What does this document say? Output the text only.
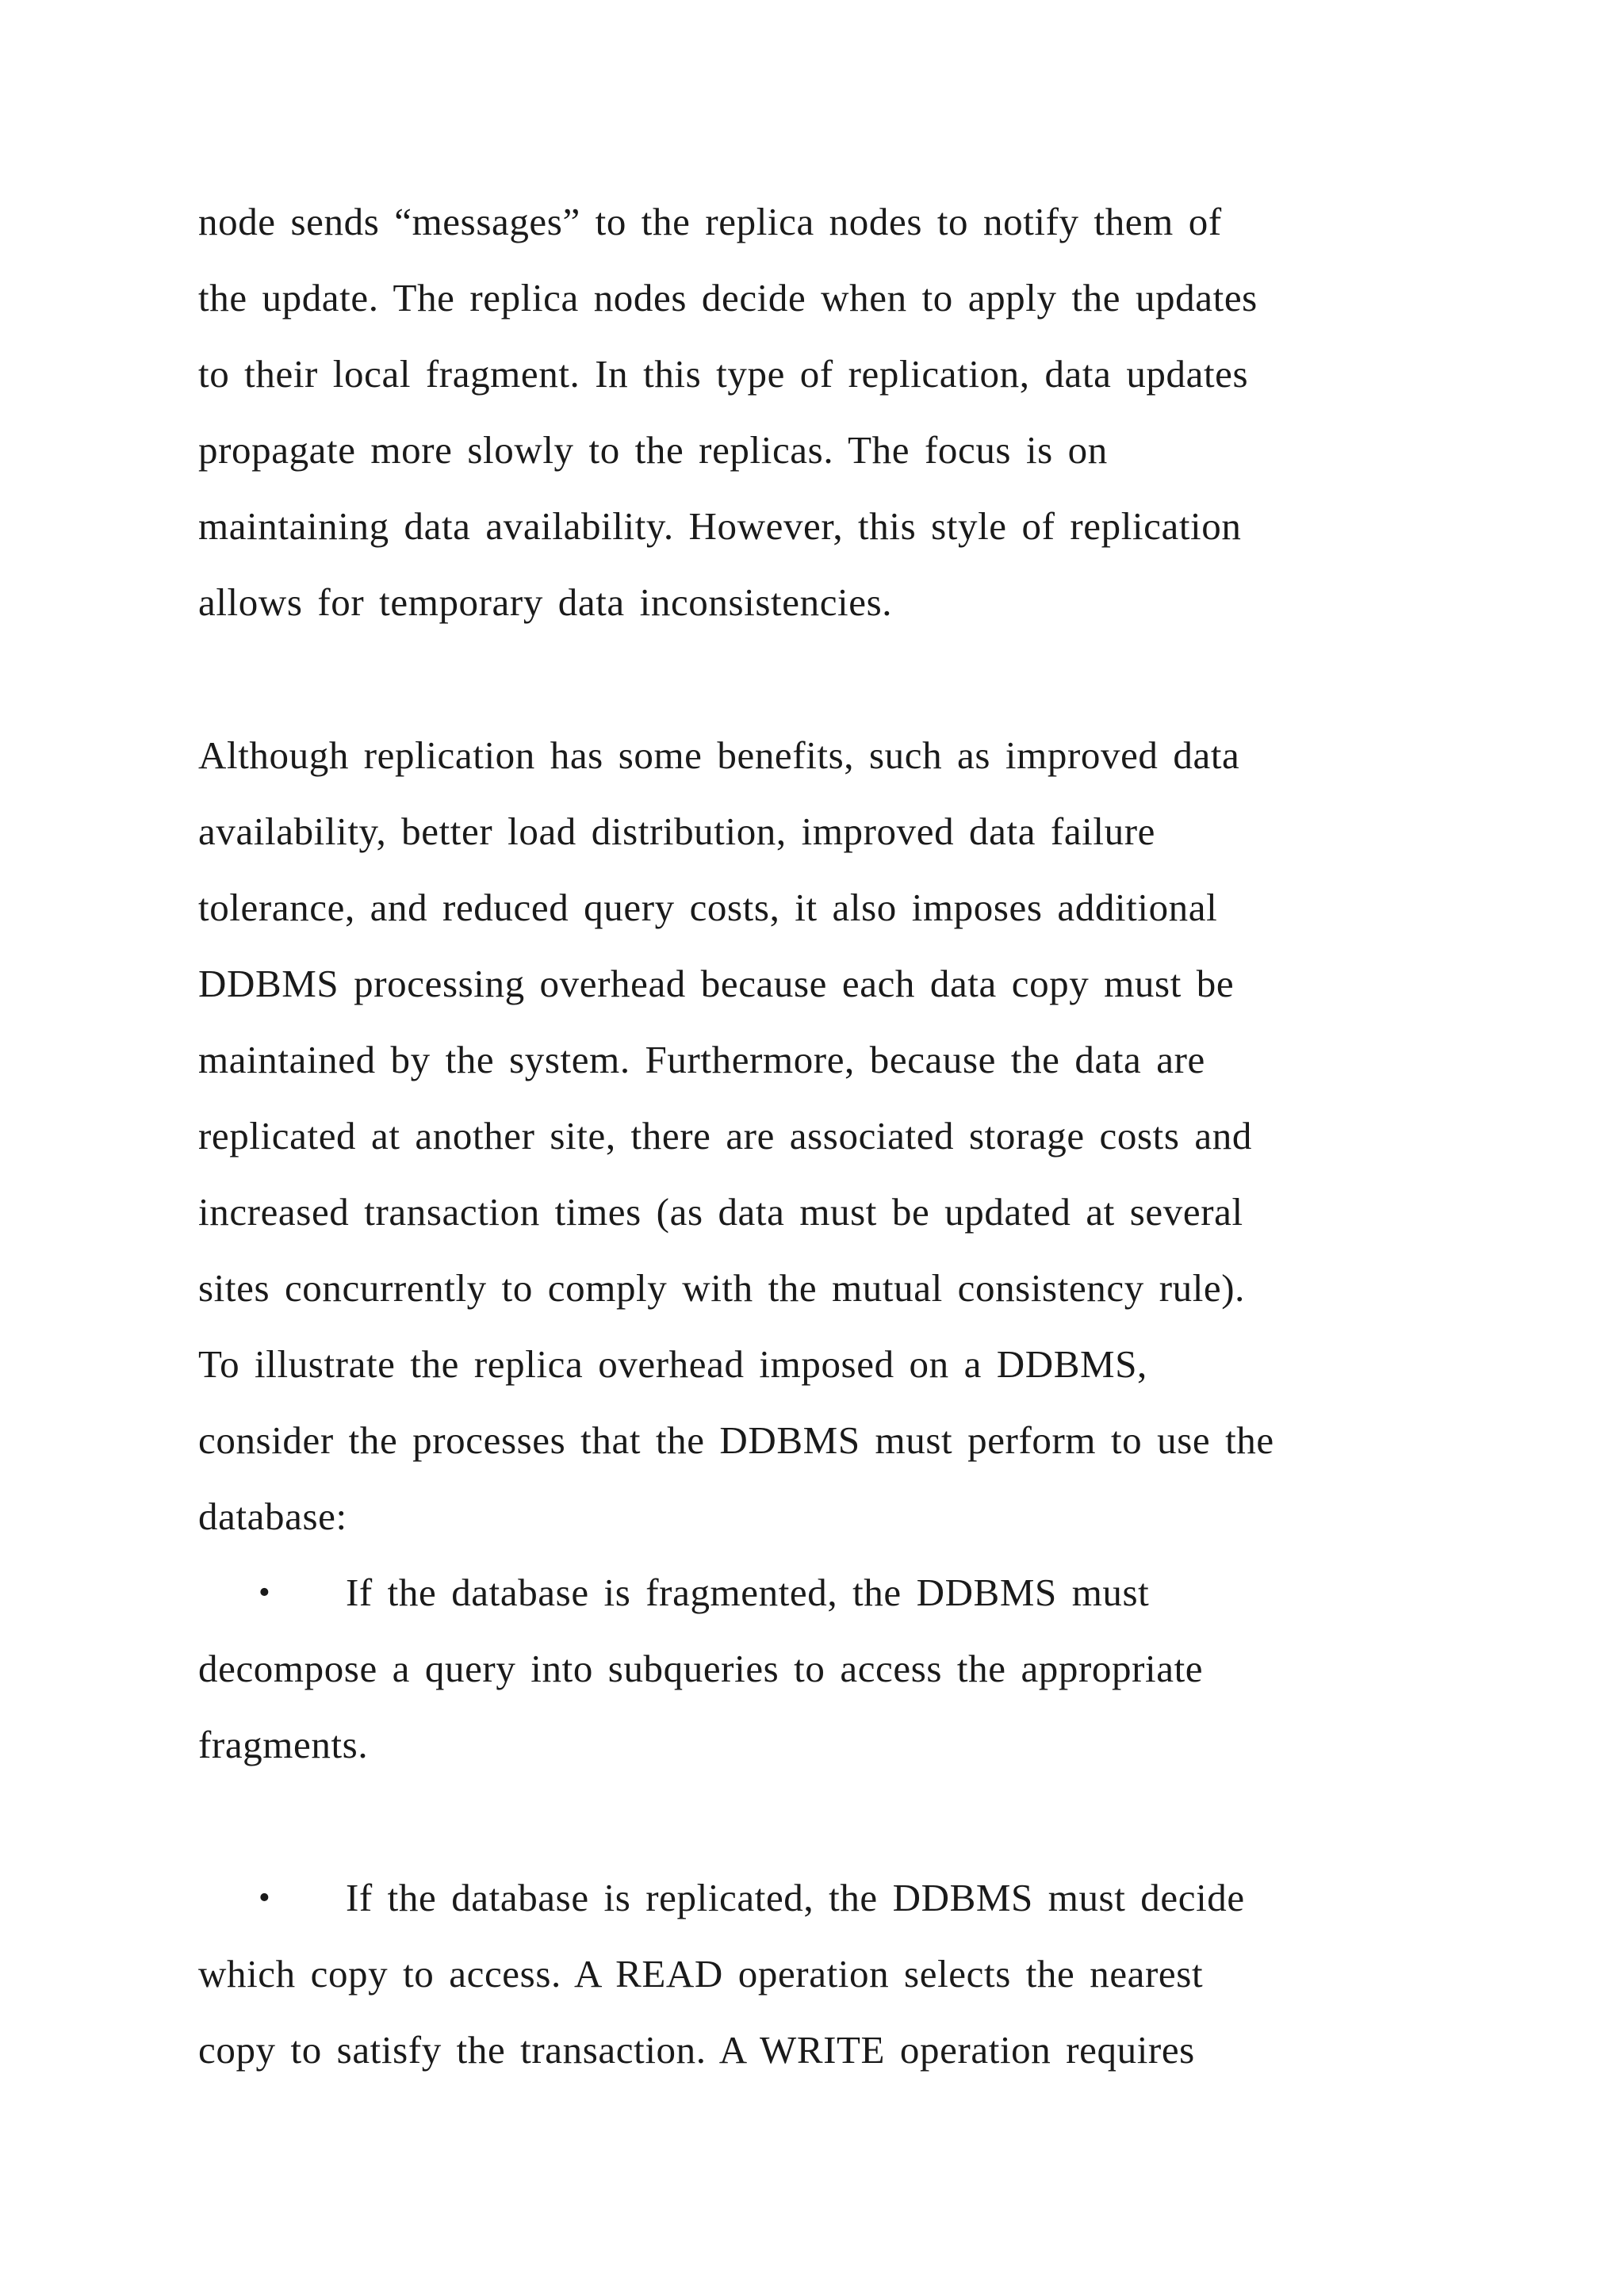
node sends “messages” to the replica nodes to notify them of
the update. The replica nodes decide when to apply the updates
to their local fragment. In this type of replication, data updates
propagate more slowly to the replicas. The focus is on
maintaining data availability. However, this style of replication
allows for temporary data inconsistencies.
Although replication has some benefits, such as improved data
availability, better load distribution, improved data failure
tolerance, and reduced query costs, it also imposes additional
DDBMS processing overhead because each data copy must be
maintained by the system. Furthermore, because the data are
replicated at another site, there are associated storage costs and
increased transaction times (as data must be updated at several
sites concurrently to comply with the mutual consistency rule).
To illustrate the replica overhead imposed on a DDBMS,
consider the processes that the DDBMS must perform to use the
database:
• If the database is fragmented, the DDBMS must
decompose a query into subqueries to access the appropriate
fragments.
• If the database is replicated, the DDBMS must decide
which copy to access. A READ operation selects the nearest
copy to satisfy the transaction. A WRITE operation requires
